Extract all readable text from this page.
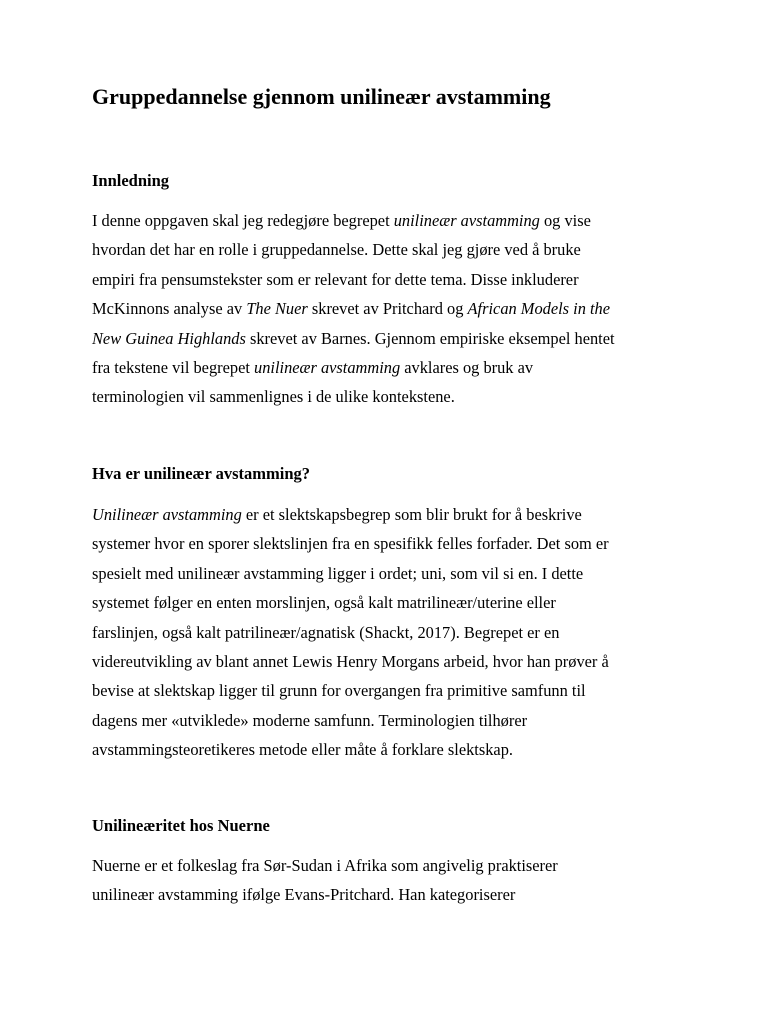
Gruppedannelse gjennom unilineær avstamming
Innledning
I denne oppgaven skal jeg redegjøre begrepet unilineær avstamming og vise
hvordan det har en rolle i gruppedannelse. Dette skal jeg gjøre ved å bruke
empiri fra pensumstekster som er relevant for dette tema. Disse inkluderer
McKinnons analyse av The Nuer skrevet av Pritchard og African Models in the
New Guinea Highlands skrevet av Barnes. Gjennom empiriske eksempel hentet
fra tekstene vil begrepet unilineær avstamming avklares og bruk av
terminologien vil sammenlignes i de ulike kontekstene.
Hva er unilineær avstamming?
Unilineær avstamming er et slektskapsbegrep som blir brukt for å beskrive
systemer hvor en sporer slektslinjen fra en spesifikk felles forfader. Det som er
spesielt med unilineær avstamming ligger i ordet; uni, som vil si en. I dette
systemet følger en enten morslinjen, også kalt matrilineær/uterine eller
farslinjen, også kalt patrilineær/agnatisk (Shackt, 2017). Begrepet er en
videreutvikling av blant annet Lewis Henry Morgans arbeid, hvor han prøver å
bevise at slektskap ligger til grunn for overgangen fra primitive samfunn til
dagens mer «utviklede» moderne samfunn. Terminologien tilhører
avstammingsteoretikeres metode eller måte å forklare slektskap.
Unilineæritet hos Nuerne
Nuerne er et folkeslag fra Sør-Sudan i Afrika som angivelig praktiserer
unilineær avstamming ifølge Evans-Pritchard. Han kategoriserer
